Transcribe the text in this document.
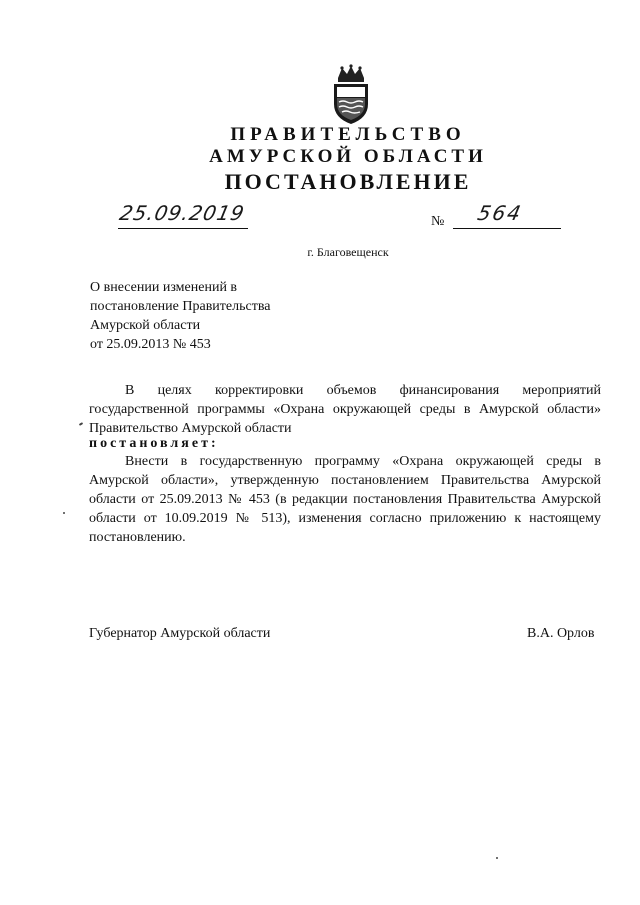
ПРАВИТЕЛЬСТВО
АМУРСКОЙ ОБЛАСТИ
ПОСТАНОВЛЕНИЕ
25.09.2019	№ 564
г. Благовещенск
О внесении изменений в
постановление Правительства
Амурской области
от 25.09.2013 № 453
В целях корректировки объемов финансирования мероприятий государственной программы «Охрана окружающей среды в Амурской области» Правительство Амурской области
постановляет:
Внести в государственную программу «Охрана окружающей среды в Амурской области», утвержденную постановлением Правительства Амурской области от 25.09.2013 № 453 (в редакции постановления Правительства Амурской области от 10.09.2019 № 513), изменения согласно приложению к настоящему постановлению.
Губернатор Амурской области	В.А. Орлов
